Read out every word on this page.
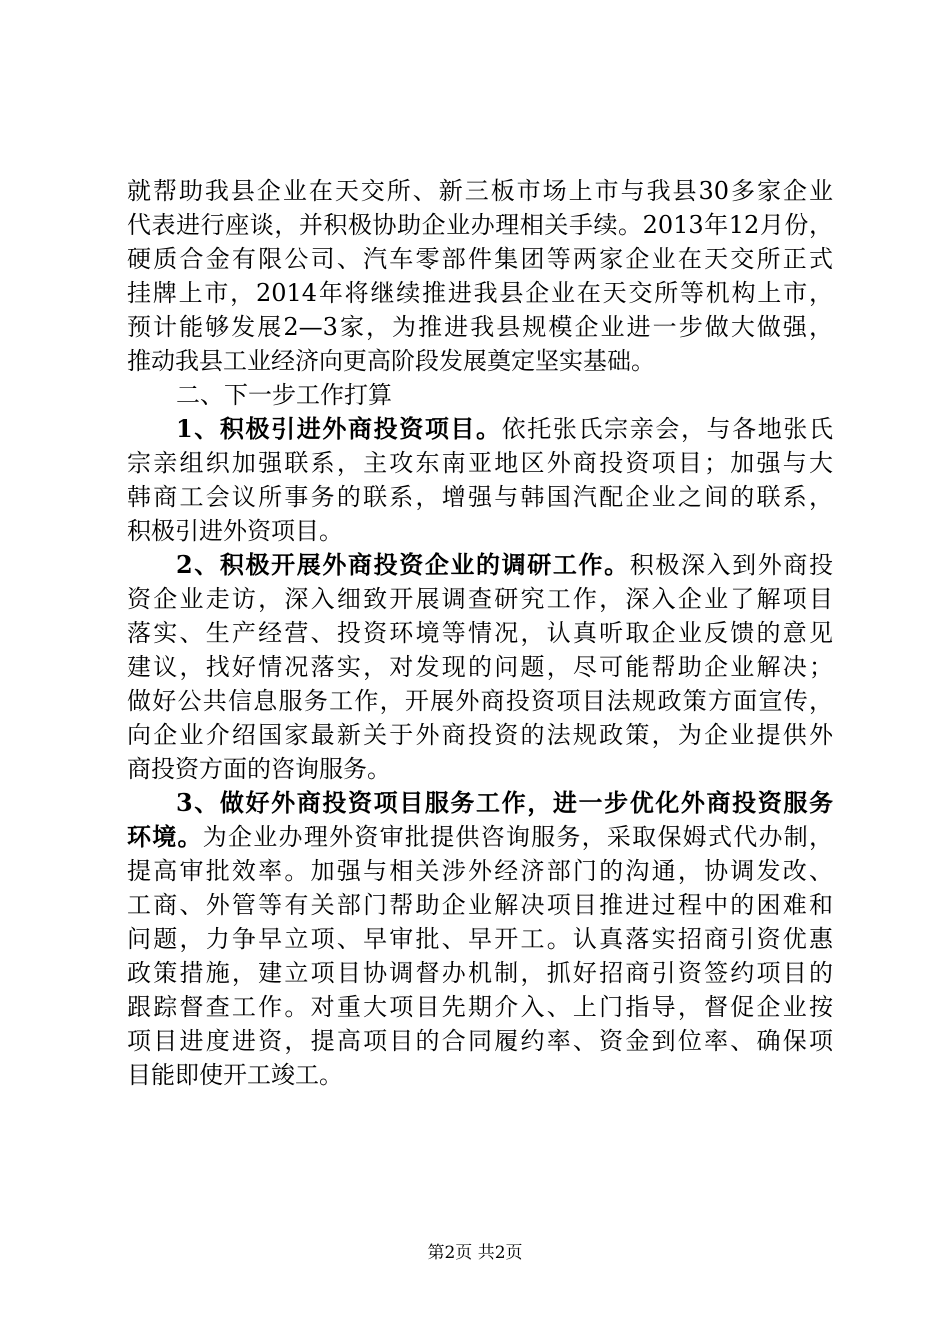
就帮助我县企业在天交所、新三板市场上市与我县30多家企业
代表进行座谈，并积极协助企业办理相关手续。2013年12月份，
硬质合金有限公司、汽车零部件集团等两家企业在天交所正式
挂牌上市，2014年将继续推进我县企业在天交所等机构上市，
预计能够发展2—3家，为推进我县规模企业进一步做大做强，
推动我县工业经济向更高阶段发展奠定坚实基础。
二、下一步工作打算
1、积极引进外商投资项目。依托张氏宗亲会，与各地张氏
宗亲组织加强联系，主攻东南亚地区外商投资项目；加强与大
韩商工会议所事务的联系，增强与韩国汽配企业之间的联系，
积极引进外资项目。
2、积极开展外商投资企业的调研工作。积极深入到外商投
资企业走访，深入细致开展调查研究工作，深入企业了解项目
落实、生产经营、投资环境等情况，认真听取企业反馈的意见
建议，找好情况落实，对发现的问题，尽可能帮助企业解决；
做好公共信息服务工作，开展外商投资项目法规政策方面宣传，
向企业介绍国家最新关于外商投资的法规政策，为企业提供外
商投资方面的咨询服务。
3、做好外商投资项目服务工作，进一步优化外商投资服务
环境。为企业办理外资审批提供咨询服务，采取保姆式代办制，
提高审批效率。加强与相关涉外经济部门的沟通，协调发改、
工商、外管等有关部门帮助企业解决项目推进过程中的困难和
问题，力争早立项、早审批、早开工。认真落实招商引资优惠
政策措施，建立项目协调督办机制，抓好招商引资签约项目的
跟踪督查工作。对重大项目先期介入、上门指导，督促企业按
项目进度进资，提高项目的合同履约率、资金到位率、确保项
目能即使开工竣工。
第2页 共2页
